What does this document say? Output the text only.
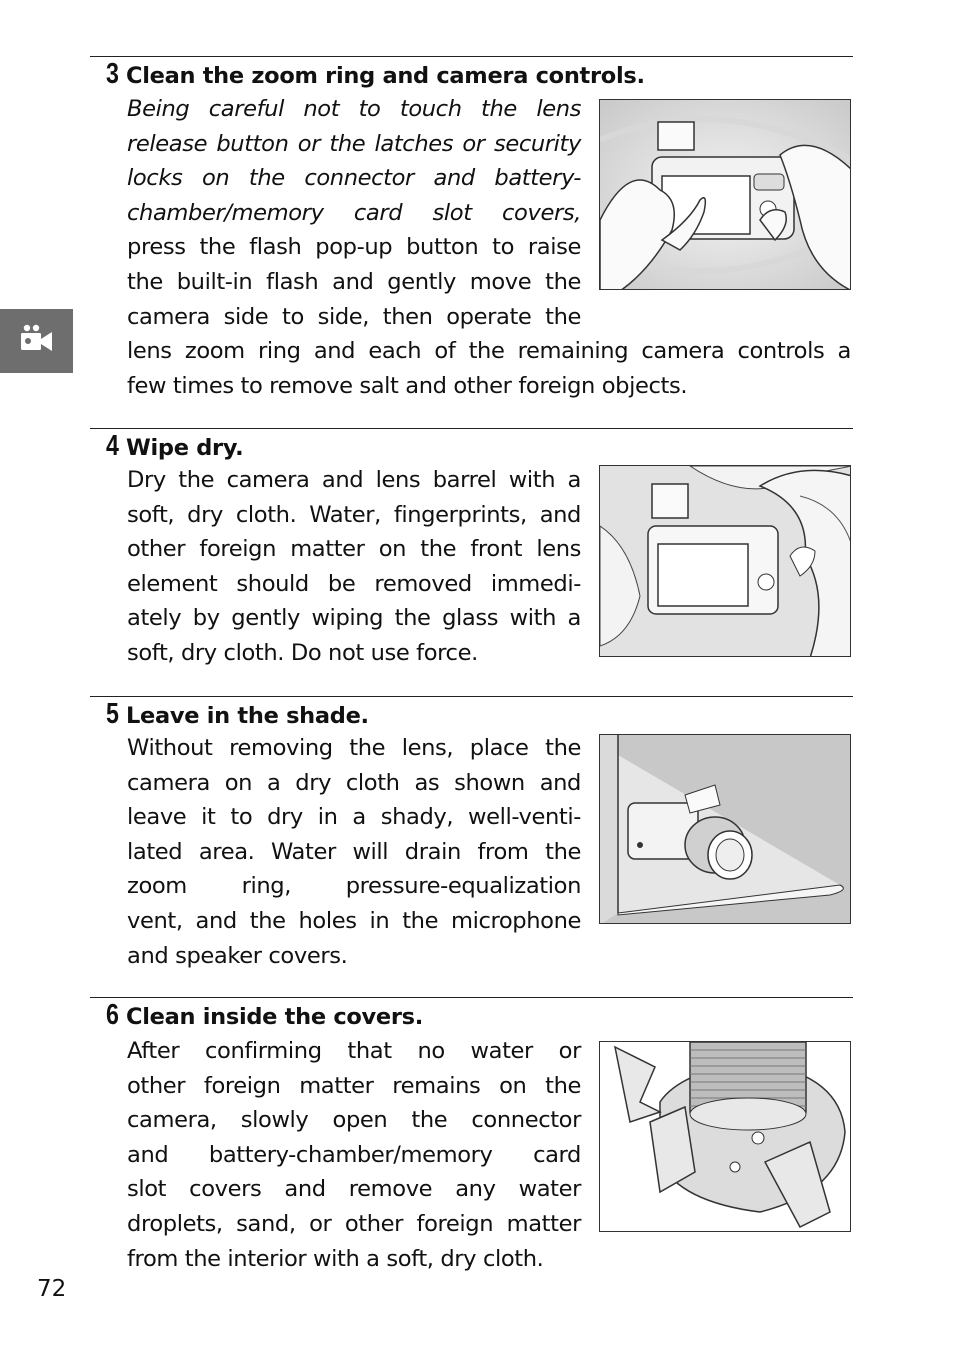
3 Clean the zoom ring and camera controls.
Being careful not to touch the lens
release button or the latches or security
locks on the connector and battery-
chamber/memory card slot covers,
press the flash pop-up button to raise
the built-in flash and gently move the
camera side to side, then operate the
lens zoom ring and each of the remaining camera controls a
few times to remove salt and other foreign objects.
4 Wipe dry.
Dry the camera and lens barrel with a
soft, dry cloth. Water, fingerprints, and
other foreign matter on the front lens
element should be removed immedi-
ately by gently wiping the glass with a
soft, dry cloth. Do not use force.
5 Leave in the shade.
Without removing the lens, place the
camera on a dry cloth as shown and
leave it to dry in a shady, well-venti-
lated area. Water will drain from the
zoom ring, pressure-equalization
vent, and the holes in the microphone
and speaker covers.
6 Clean inside the covers.
After confirming that no water or
other foreign matter remains on the
camera, slowly open the connector
and battery-chamber/memory card
slot covers and remove any water
droplets, sand, or other foreign matter
from the interior with a soft, dry cloth.
72
